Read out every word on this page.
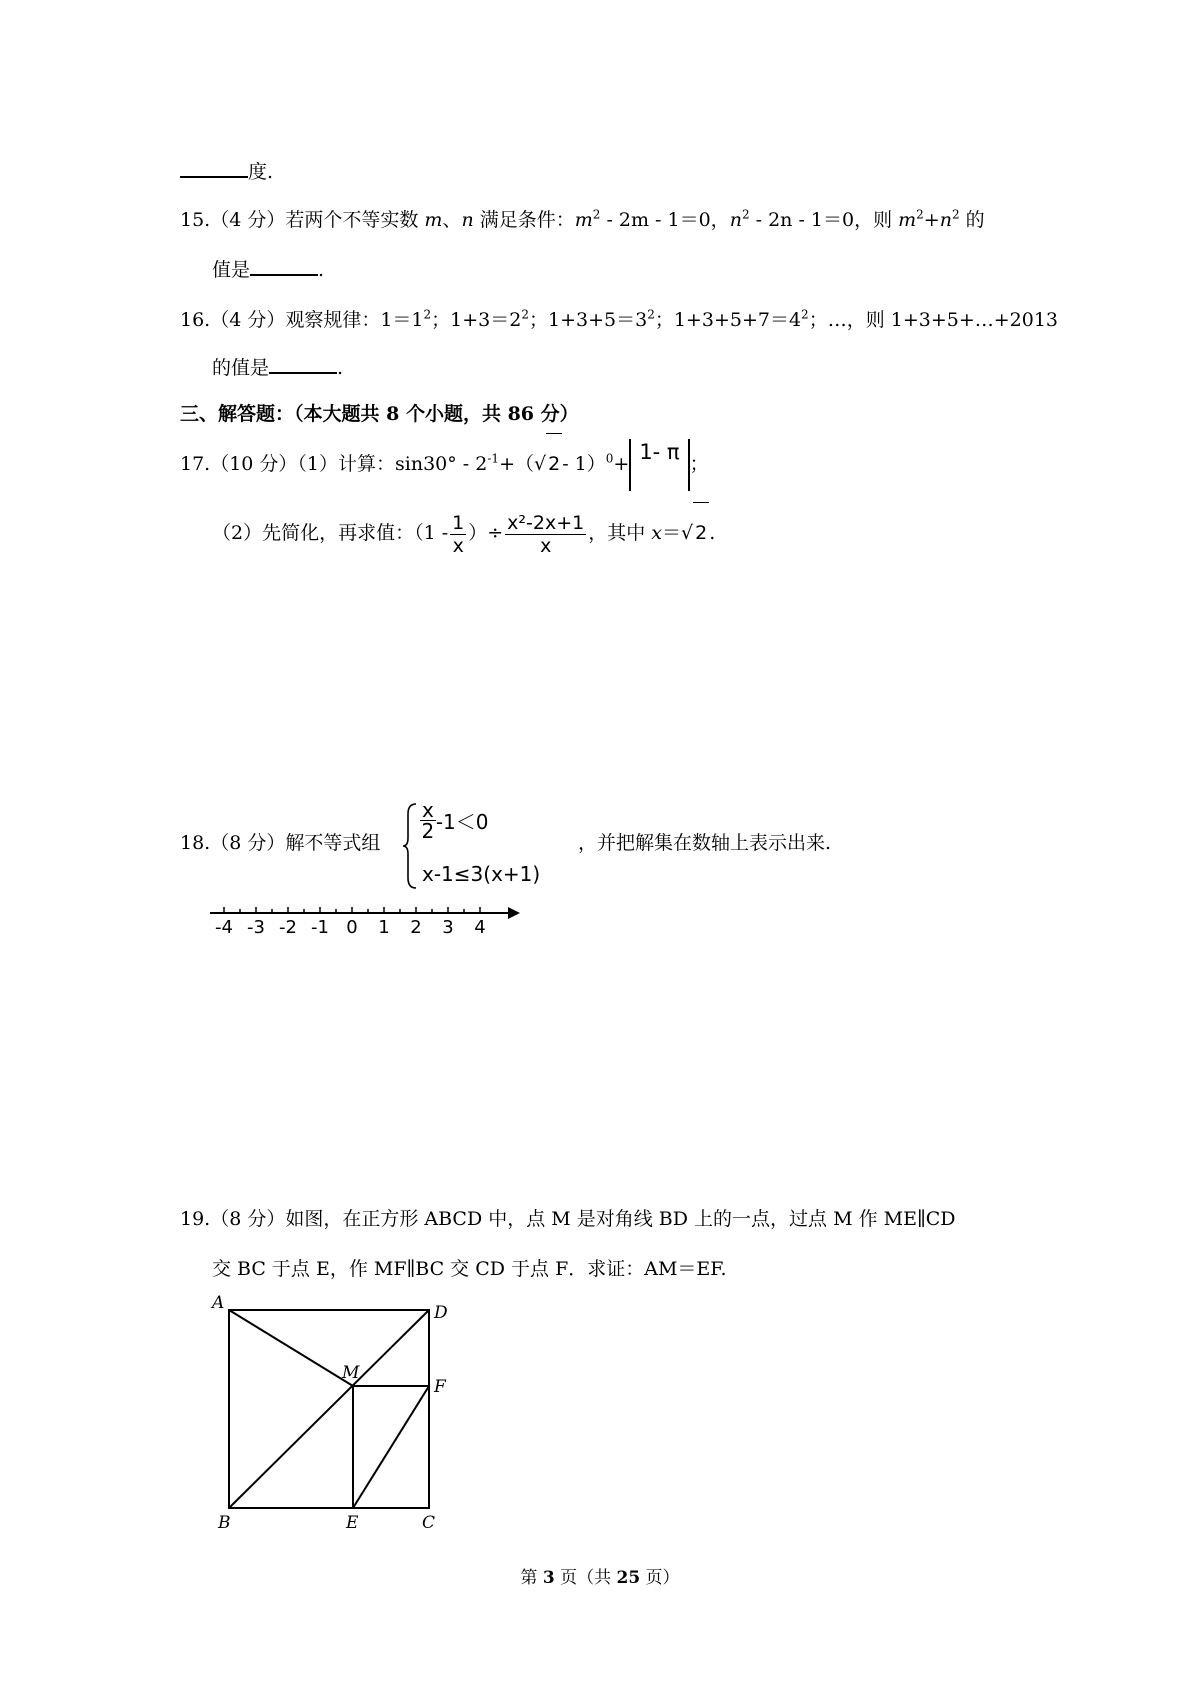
度.
15.（4 分）若两个不等实数 m、n 满足条件：$m^2 - 2m - 1=0$，$n^2 - 2n - 1=0$，则 $m^2+n^2$ 的
值是	.
16.（4 分）观察规律：$1=1^2$；$1+3=2^2$；$1+3+5=3^2$；$1+3+5+7=4^2$；…，则 1+3+5+…+2013
的值是	.
三、解答题：（本大题共 8 个小题，共 86 分）
17.（10 分）（1）计算：$\sin 30^\circ - 2^{-1}+(√$ 2 - 1）$^0$+ 1- π ；
（2）先简化，再求值：（$1 - \frac{1}{x}$ ）÷ $\frac{\text{x²-2x+1}}{x}$ ，其中 x＝√ 2 .
18.（8 分）解不等式组
$\frac{x}{2} -1<0$
x-1≤3(x+1)
，并把解集在数轴上表示出来.
-4 -3 -2 -1 0 1 2 3 4
19.（8 分）如图，在正方形 ABCD 中，点 M 是对角线 BD 上的一点，过点 M 作 ME∥CD
交 BC 于点 E，作 MF∥BC 交 CD 于点 F．求证：AM＝EF.
A	D
M
F
B	E	C
第 3 页（共 25 页）
